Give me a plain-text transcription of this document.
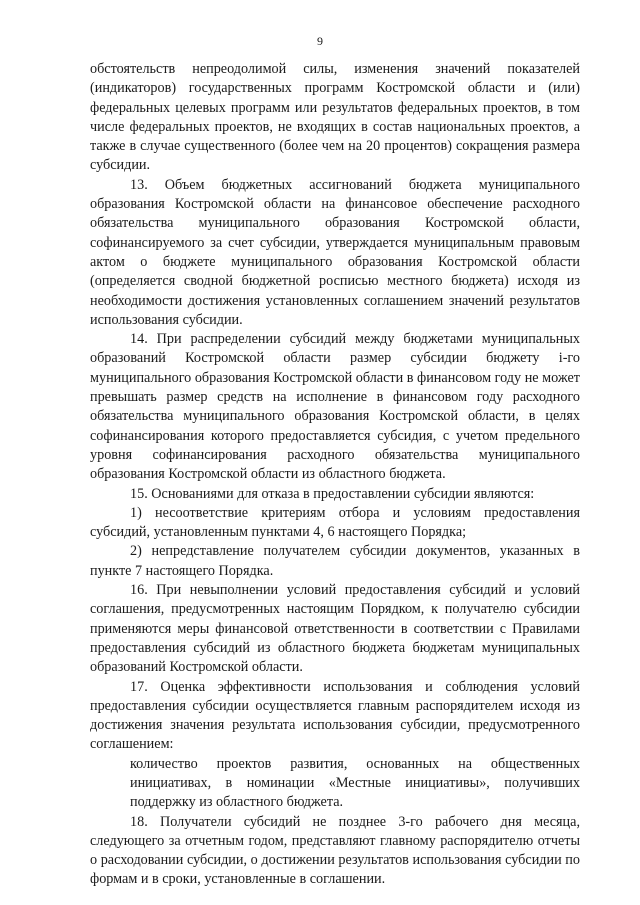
9

обстоятельств непреодолимой силы, изменения значений показателей (индикаторов) государственных программ Костромской области и (или) федеральных целевых программ или результатов федеральных проектов, в том числе федеральных проектов, не входящих в состав национальных проектов, а также в случае существенного (более чем на 20 процентов) сокращения размера субсидии.

13. Объем бюджетных ассигнований бюджета муниципального образования Костромской области на финансовое обеспечение расходного обязательства муниципального образования Костромской области, софинансируемого за счет субсидии, утверждается муниципальным правовым актом о бюджете муниципального образования Костромской области (определяется сводной бюджетной росписью местного бюджета) исходя из необходимости достижения установленных соглашением значений результатов использования субсидии.

14. При распределении субсидий между бюджетами муниципальных образований Костромской области размер субсидии бюджету i-го муниципального образования Костромской области в финансовом году не может превышать размер средств на исполнение в финансовом году расходного обязательства муниципального образования Костромской области, в целях софинансирования которого предоставляется субсидия, с учетом предельного уровня софинансирования расходного обязательства муниципального образования Костромской области из областного бюджета.

15. Основаниями для отказа в предоставлении субсидии являются:

1) несоответствие критериям отбора и условиям предоставления субсидий, установленным пунктами 4, 6 настоящего Порядка;

2) непредставление получателем субсидии документов, указанных в пункте 7 настоящего Порядка.

16. При невыполнении условий предоставления субсидий и условий соглашения, предусмотренных настоящим Порядком, к получателю субсидии применяются меры финансовой ответственности в соответствии с Правилами предоставления субсидий из областного бюджета бюджетам муниципальных образований Костромской области.

17. Оценка эффективности использования и соблюдения условий предоставления субсидии осуществляется главным распорядителем исходя из достижения значения результата использования субсидии, предусмотренного соглашением:

количество проектов развития, основанных на общественных инициативах, в номинации «Местные инициативы», получивших поддержку из областного бюджета.

18. Получатели субсидий не позднее 3-го рабочего дня месяца, следующего за отчетным годом, представляют главному распорядителю отчеты о расходовании субсидии, о достижении результатов использования субсидии по формам и в сроки, установленные в соглашении.
